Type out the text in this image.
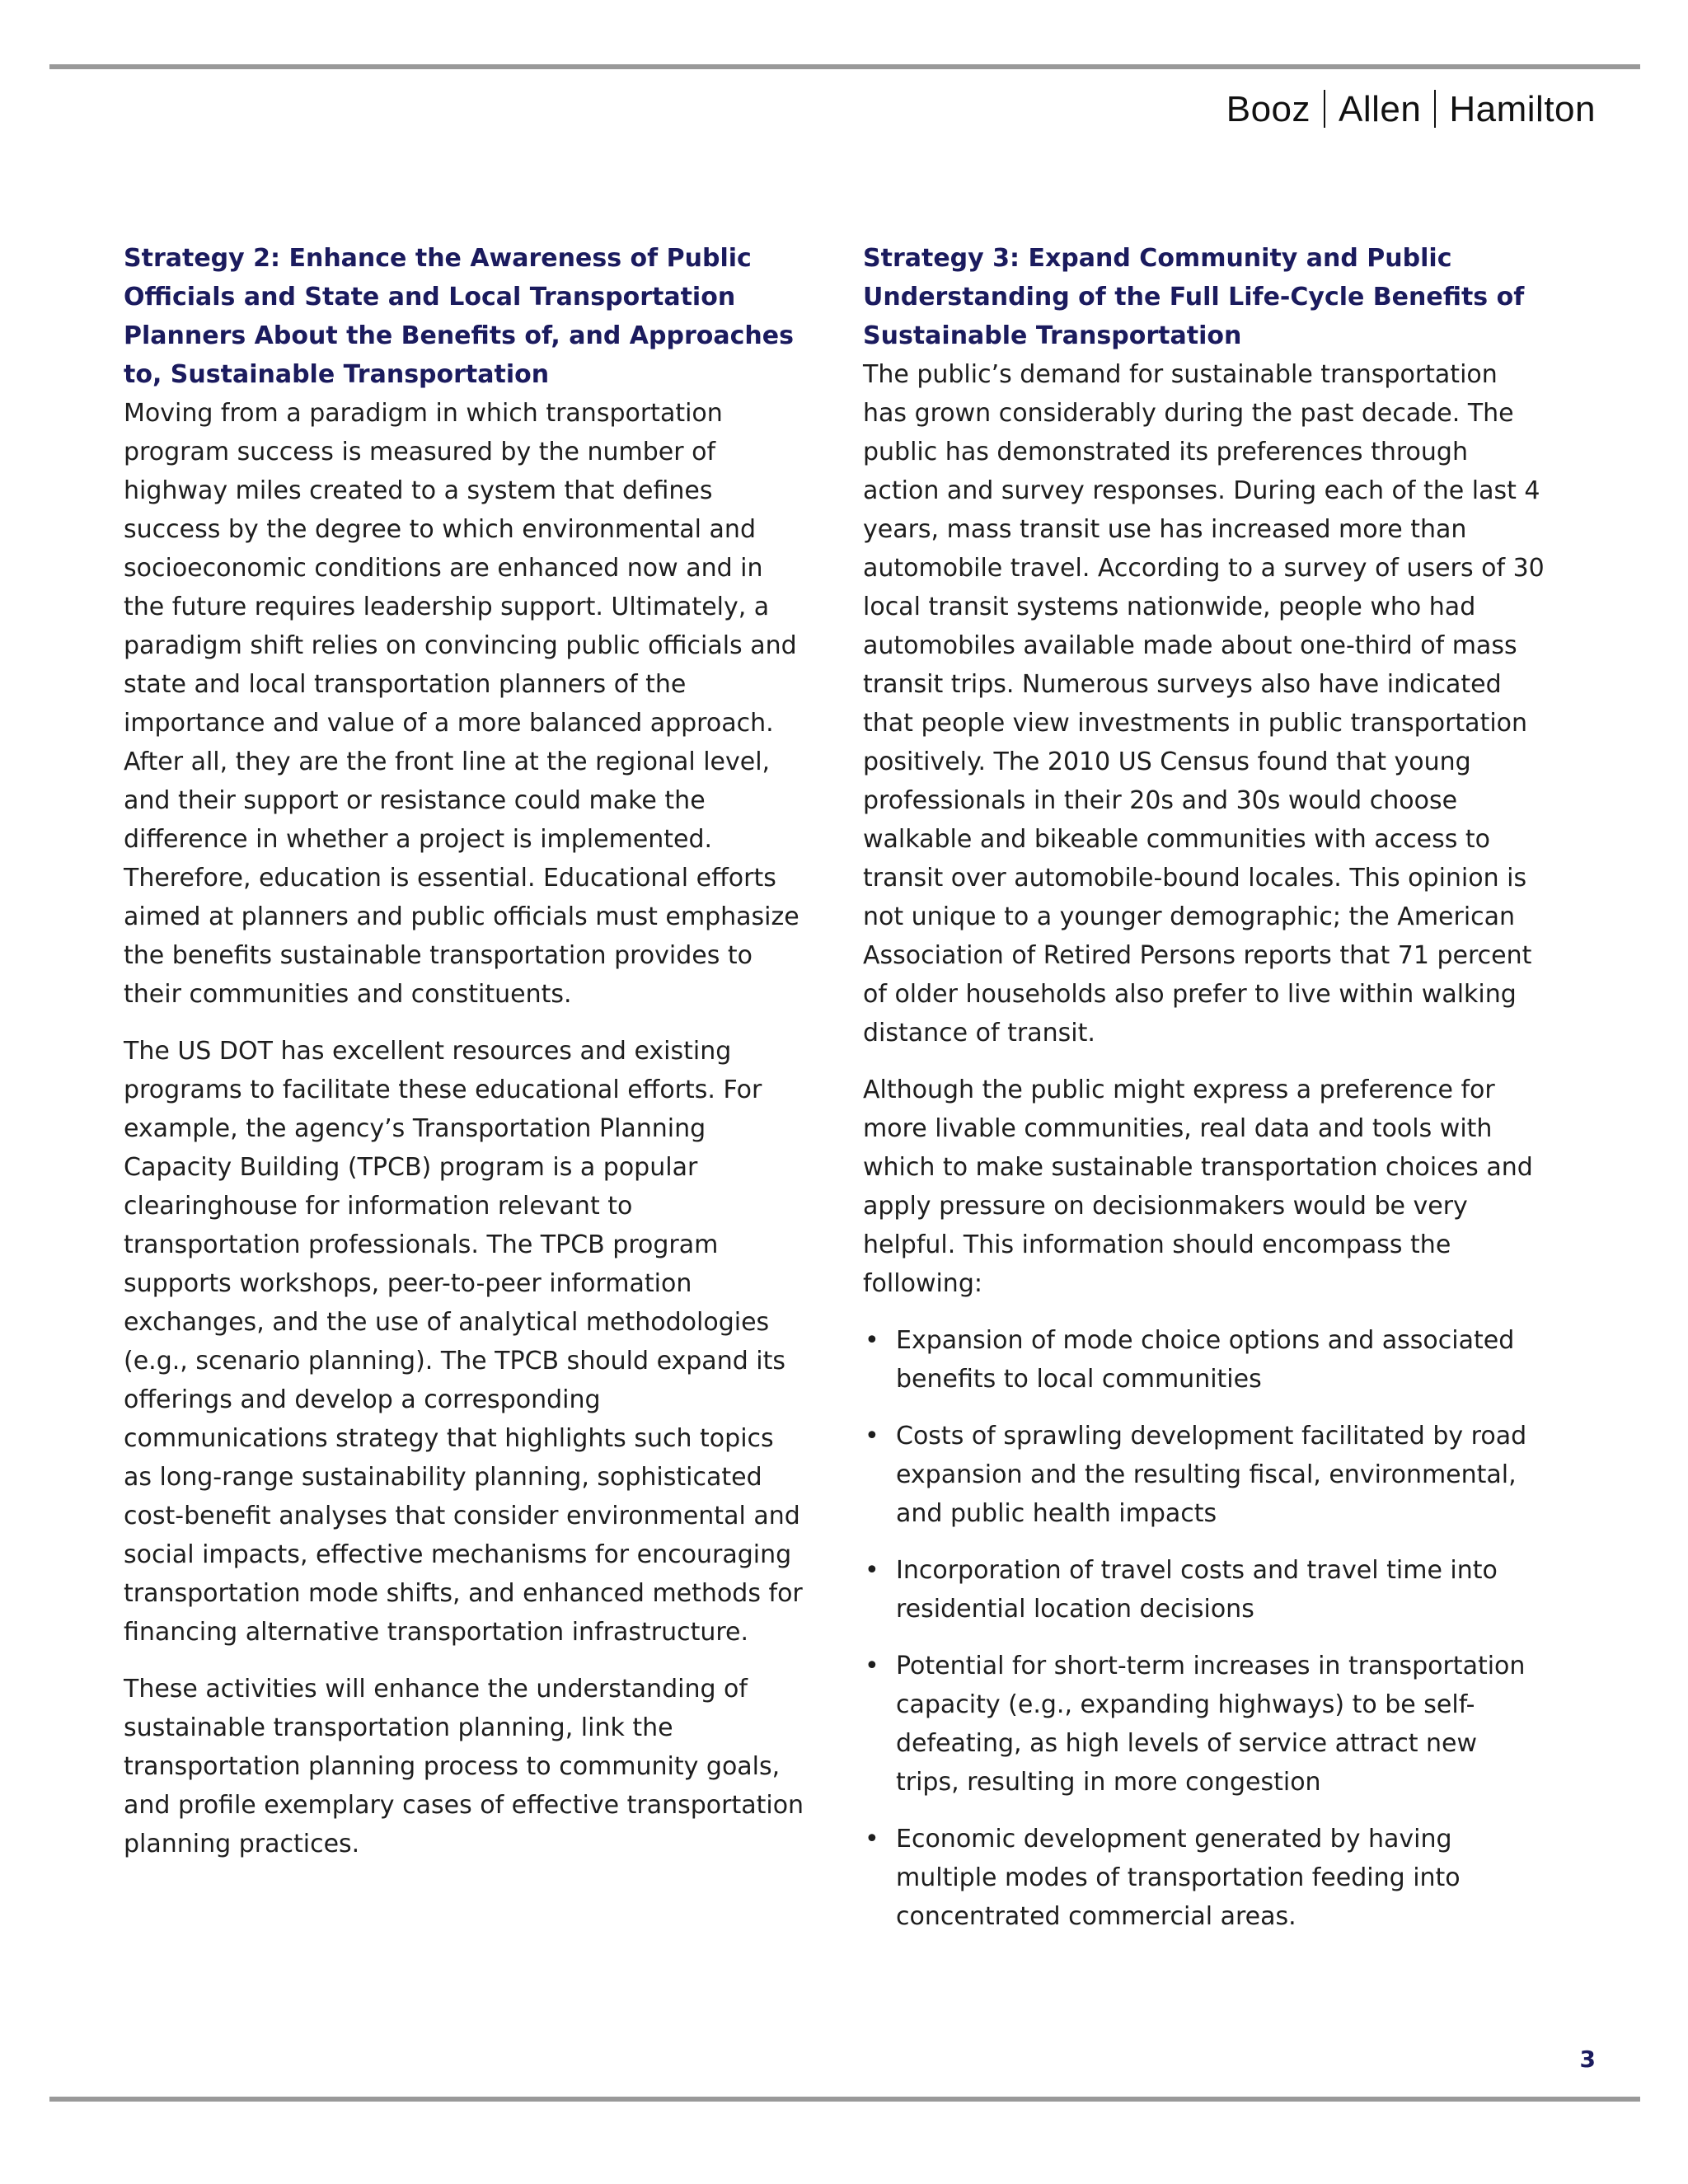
Booz Allen Hamilton
Strategy 2: Enhance the Awareness of Public Officials and State and Local Transportation Planners About the Benefits of, and Approaches to, Sustainable Transportation

Moving from a paradigm in which transportation program success is measured by the number of highway miles created to a system that defines success by the degree to which environmental and socioeconomic conditions are enhanced now and in the future requires leadership support. Ultimately, a paradigm shift relies on convincing public officials and state and local transportation planners of the importance and value of a more balanced approach. After all, they are the front line at the regional level, and their support or resistance could make the difference in whether a project is implemented. Therefore, education is essential. Educational efforts aimed at planners and public officials must emphasize the benefits sustainable transportation provides to their communities and constituents.

The US DOT has excellent resources and existing programs to facilitate these educational efforts. For example, the agency’s Transportation Planning Capacity Building (TPCB) program is a popular clearinghouse for information relevant to transportation professionals. The TPCB program supports workshops, peer-to-peer information exchanges, and the use of analytical methodologies (e.g., scenario planning). The TPCB should expand its offerings and develop a corresponding communications strategy that highlights such topics as long-range sustainability planning, sophisticated cost-benefit analyses that consider environmental and social impacts, effective mechanisms for encouraging transportation mode shifts, and enhanced methods for financing alternative transportation infrastructure.

These activities will enhance the understanding of sustainable transportation planning, link the transportation planning process to community goals, and profile exemplary cases of effective transportation planning practices.

Strategy 3: Expand Community and Public Understanding of the Full Life-Cycle Benefits of Sustainable Transportation

The public’s demand for sustainable transportation has grown considerably during the past decade. The public has demonstrated its preferences through action and survey responses. During each of the last 4 years, mass transit use has increased more than automobile travel. According to a survey of users of 30 local transit systems nationwide, people who had automobiles available made about one-third of mass transit trips. Numerous surveys also have indicated that people view investments in public transportation positively. The 2010 US Census found that young professionals in their 20s and 30s would choose walkable and bikeable communities with access to transit over automobile-bound locales. This opinion is not unique to a younger demographic; the American Association of Retired Persons reports that 71 percent of older households also prefer to live within walking distance of transit.

Although the public might express a preference for more livable communities, real data and tools with which to make sustainable transportation choices and apply pressure on decisionmakers would be very helpful. This information should encompass the following:

• Expansion of mode choice options and associated benefits to local communities
• Costs of sprawling development facilitated by road expansion and the resulting fiscal, environmental, and public health impacts
• Incorporation of travel costs and travel time into residential location decisions
• Potential for short-term increases in transportation capacity (e.g., expanding highways) to be self-defeating, as high levels of service attract new trips, resulting in more congestion
• Economic development generated by having multiple modes of transportation feeding into concentrated commercial areas.
3
